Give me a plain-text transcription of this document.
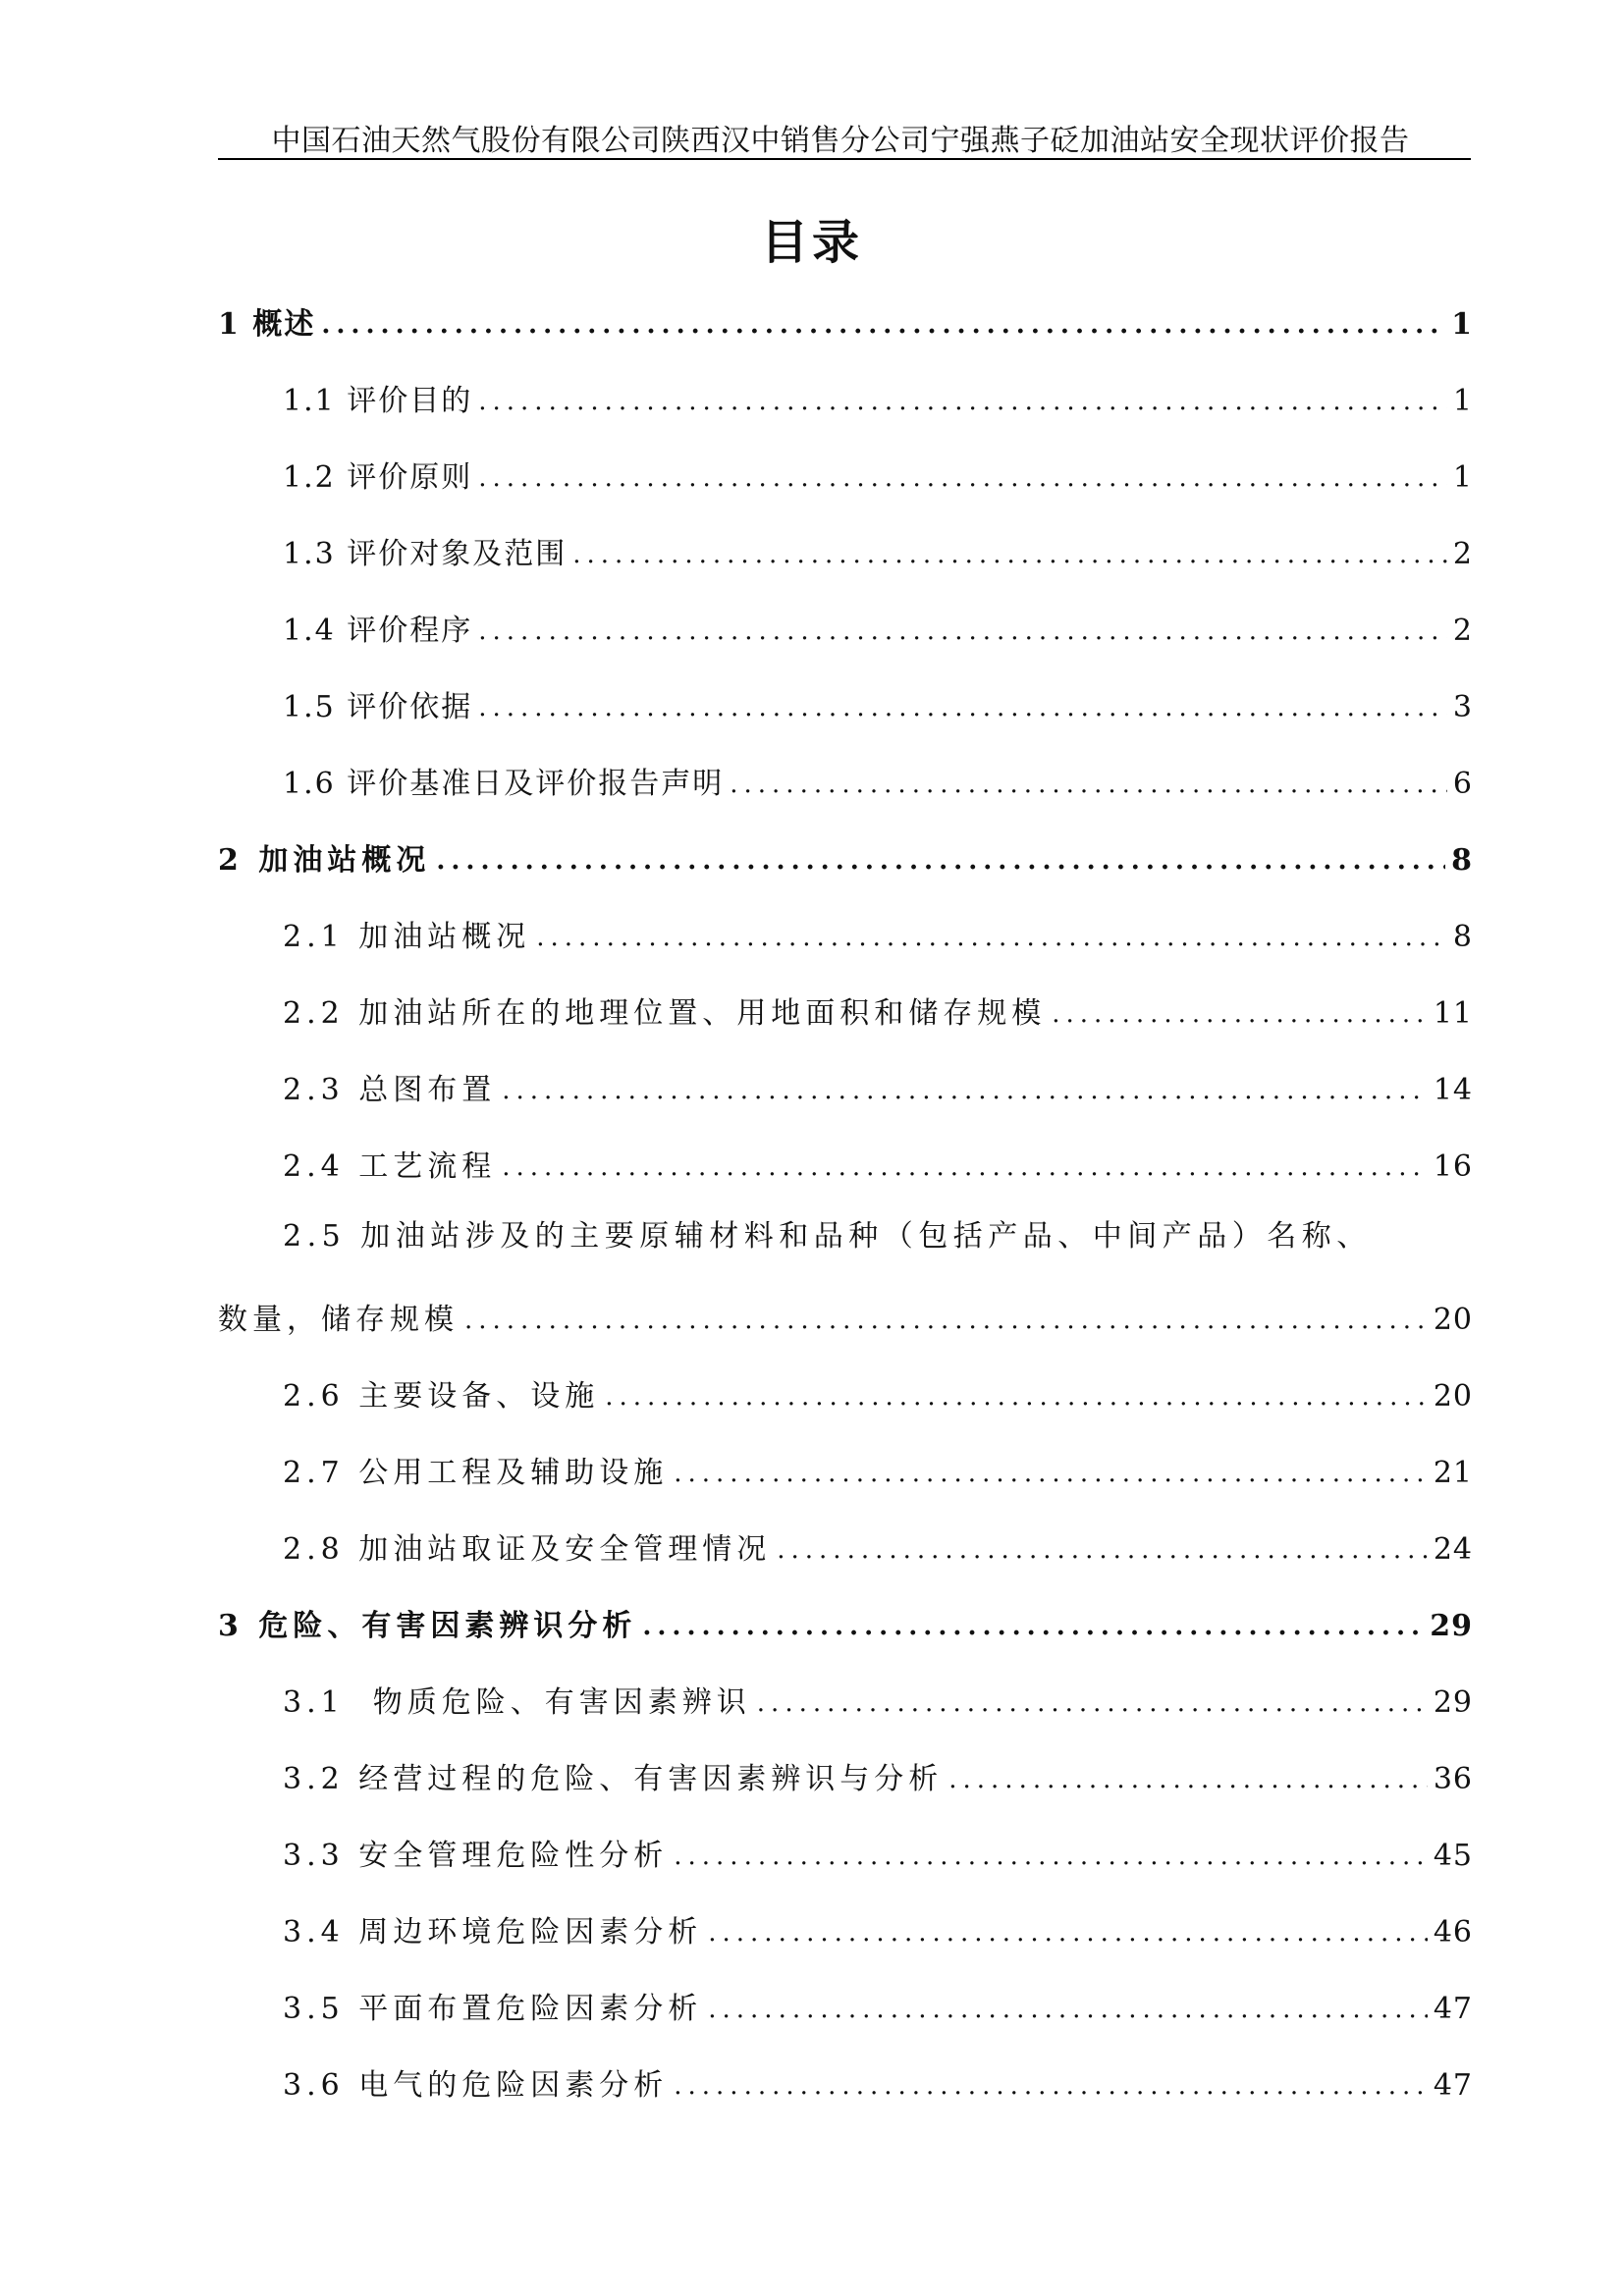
中国石油天然气股份有限公司陕西汉中销售分公司宁强燕子砭加油站安全现状评价报告
目录
1 概述 .....	1
1.1 评价目的 .....	1
1.2 评价原则 .....	1
1.3 评价对象及范围 .....	2
1.4 评价程序 .....	2
1.5 评价依据 .....	3
1.6 评价基准日及评价报告声明 .....	6
2 加油站概况 .....	8
2.1 加油站概况 .....	8
2.2 加油站所在的地理位置、用地面积和储存规模 .....	11
2.3 总图布置 .....	14
2.4 工艺流程 .....	16
2.5 加油站涉及的主要原辅材料和品种（包括产品、中间产品）名称、
数量，储存规模 .....	20
2.6 主要设备、设施 .....	20
2.7 公用工程及辅助设施 .....	21
2.8 加油站取证及安全管理情况 .....	24
3 危险、有害因素辨识分析 .....	29
3.1  物质危险、有害因素辨识 .....	29
3.2 经营过程的危险、有害因素辨识与分析 .....	36
3.3 安全管理危险性分析 .....	45
3.4 周边环境危险因素分析 .....	46
3.5 平面布置危险因素分析 .....	47
3.6 电气的危险因素分析 .....	47
